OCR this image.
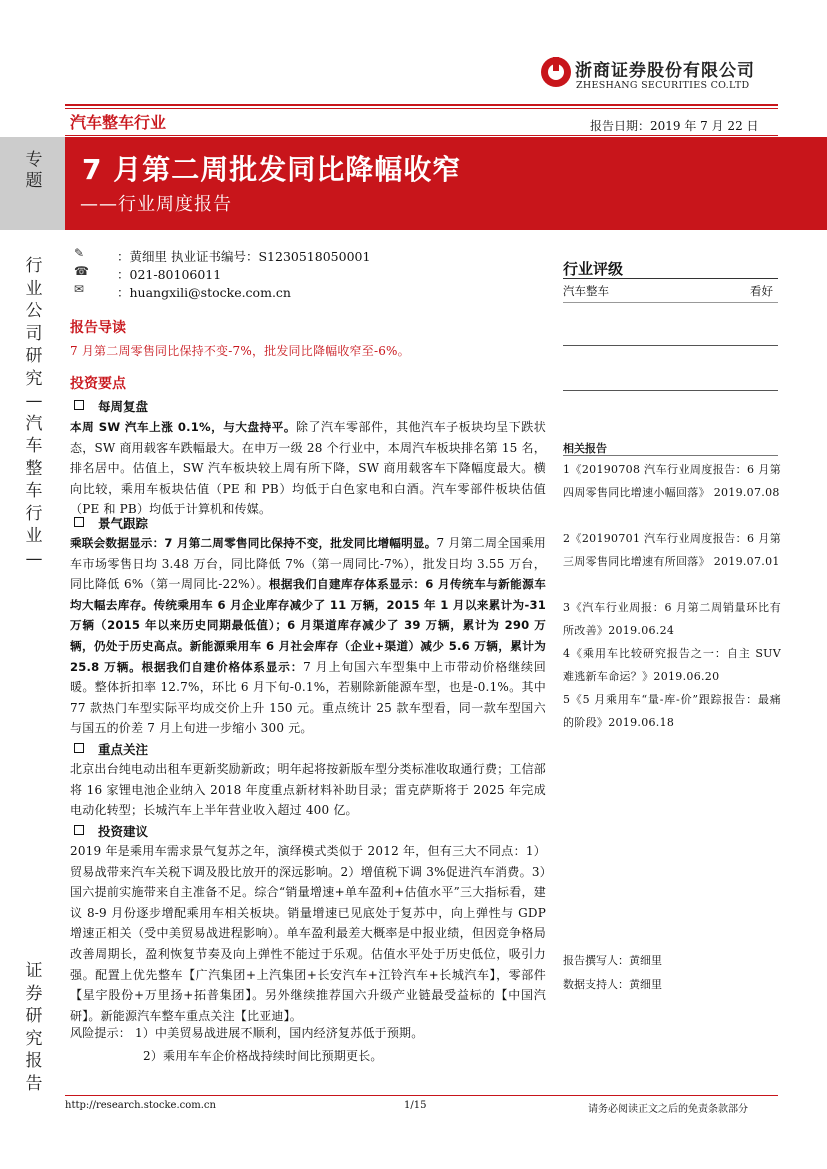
浙商证券股份有限公司
ZHESHANG SECURITIES CO.LTD
汽车整车行业	报告日期：2019 年 7 月 22 日
专题 7 月第二周批发同比降幅收窄
——行业周度报告
行业公司研究—汽车整车行业—
证券研究报告
✎	：黄细里 执业证书编号：S1230518050001
☎ ：021-80106011
✉	：huangxili@stocke.com.cn
行业评级
汽车整车	看好
相关报告
1《20190708 汽车行业周度报告：6 月第四周零售同比增速小幅回落》 2019.07.08
2《20190701 汽车行业周度报告：6 月第三周零售同比增速有所回落》 2019.07.01
3《汽车行业周报：6 月第二周销量环比有所改善》2019.06.24
4《乘用车比较研究报告之一：自主 SUV 难逃新车命运？》2019.06.20
5《5 月乘用车“量-库-价”跟踪报告：最痛的阶段》2019.06.18
报告撰写人：黄细里
数据支持人：黄细里
报告导读
7 月第二周零售同比保持不变-7%，批发同比降幅收窄至-6%。
投资要点
每周复盘
本周 SW 汽车上涨 0.1%，与大盘持平。除了汽车零部件，其他汽车子板块均呈下跌状态，SW 商用载客车跌幅最大。在申万一级 28 个行业中，本周汽车板块排名第 15 名，排名居中。估值上，SW 汽车板块较上周有所下降，SW 商用载客车下降幅度最大。横向比较，乘用车板块估值（PE 和 PB）均低于白色家电和白酒。汽车零部件板块估值（PE 和 PB）均低于计算机和传媒。
景气跟踪
乘联会数据显示：7 月第二周零售同比保持不变，批发同比增幅明显。7 月第二周全国乘用车市场零售日均 3.48 万台，同比降低 7%（第一周同比-7%），批发日均 3.55 万台，同比降低 6%（第一周同比-22%）。根据我们自建库存体系显示：6 月传统车与新能源车均大幅去库存。传统乘用车 6 月企业库存减少了 11 万辆，2015 年 1 月以来累计为-31 万辆（2015 年以来历史同期最低值）；6 月渠道库存减少了 39 万辆，累计为 290 万辆，仍处于历史高点。新能源乘用车 6 月社会库存（企业+渠道）减少 5.6 万辆，累计为 25.8 万辆。根据我们自建价格体系显示：7 月上旬国六车型集中上市带动价格继续回暖。整体折扣率 12.7%，环比 6 月下旬-0.1%，若剔除新能源车型，也是-0.1%。其中 77 款热门车型实际平均成交价上升 150 元。重点统计 25 款车型看，同一款车型国六与国五的价差 7 月上旬进一步缩小 300 元。
重点关注
北京出台纯电动出租车更新奖励新政；明年起将按新版车型分类标准收取通行费；工信部将 16 家锂电池企业纳入 2018 年度重点新材料补助目录；雷克萨斯将于 2025 年完成电动化转型；长城汽车上半年营业收入超过 400 亿。
投资建议
2019 年是乘用车需求景气复苏之年，演绎模式类似于 2012 年，但有三大不同点：1）贸易战带来汽车关税下调及股比放开的深远影响。2）增值税下调 3%促进汽车消费。3）国六提前实施带来自主准备不足。综合“销量增速+单车盈利+估值水平”三大指标看，建议 8-9 月份逐步增配乘用车相关板块。销量增速已见底处于复苏中，向上弹性与 GDP 增速正相关（受中美贸易战进程影响）。单车盈利最差大概率是中报业绩，但因竞争格局改善周期长，盈利恢复节奏及向上弹性不能过于乐观。估值水平处于历史低位，吸引力强。配置上优先整车【广汽集团+上汽集团+长安汽车+江铃汽车+长城汽车】，零部件【星宇股份+万里扬+拓普集团】。另外继续推荐国六升级产业链最受益标的【中国汽研】。新能源汽车整车重点关注【比亚迪】。
风险提示： 1）中美贸易战进展不顺利，国内经济复苏低于预期。
2）乘用车车企价格战持续时间比预期更长。
http://research.stocke.com.cn	1/15	请务必阅读正文之后的免责条款部分
